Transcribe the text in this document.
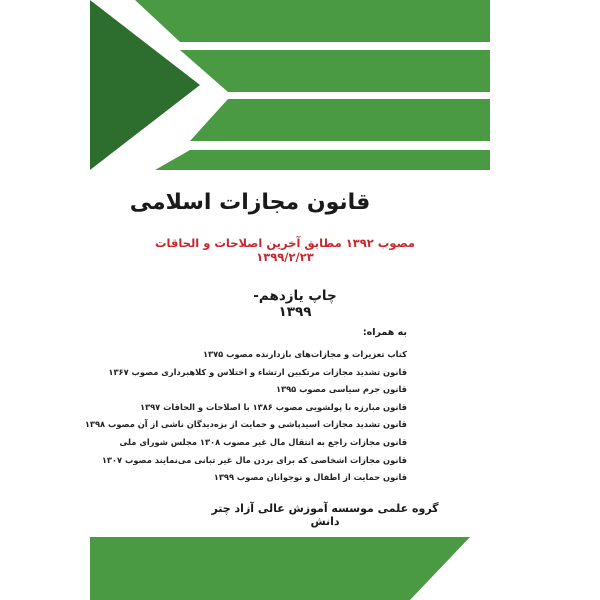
قانون مجازات اسلامی
مصوب ۱۳۹۲ مطابق آخرین اصلاحات و الحاقات ۱۳۹۹/۲/۲۳
چاپ یازدهم- ۱۳۹۹
به همراه:
کتاب تعزیرات و مجازات‌های بازدارنده مصوب ۱۳۷۵
قانون تشدید مجازات مرتکبین ارتشاء و اختلاس و کلاهبرداری مصوب ۱۳۶۷
قانون جرم سیاسی مصوب ۱۳۹۵
قانون مبارزه با پولشویی مصوب ۱۳۸۶ با اصلاحات و الحاقات ۱۳۹۷
قانون تشدید مجازات اسیدپاشی و حمایت از بزه‌دیدگان ناشی از آن مصوب ۱۳۹۸
قانون مجازات راجع به انتقال مال غیر مصوب ۱۳۰۸ مجلس شورای ملی
قانون مجازات اشخاصی که برای بردن مال غیر تبانی می‌نمایند مصوب ۱۳۰۷
قانون حمایت از اطفال و نوجوانان مصوب ۱۳۹۹
گروه علمی موسسه آموزش عالی آزاد چتر دانش
